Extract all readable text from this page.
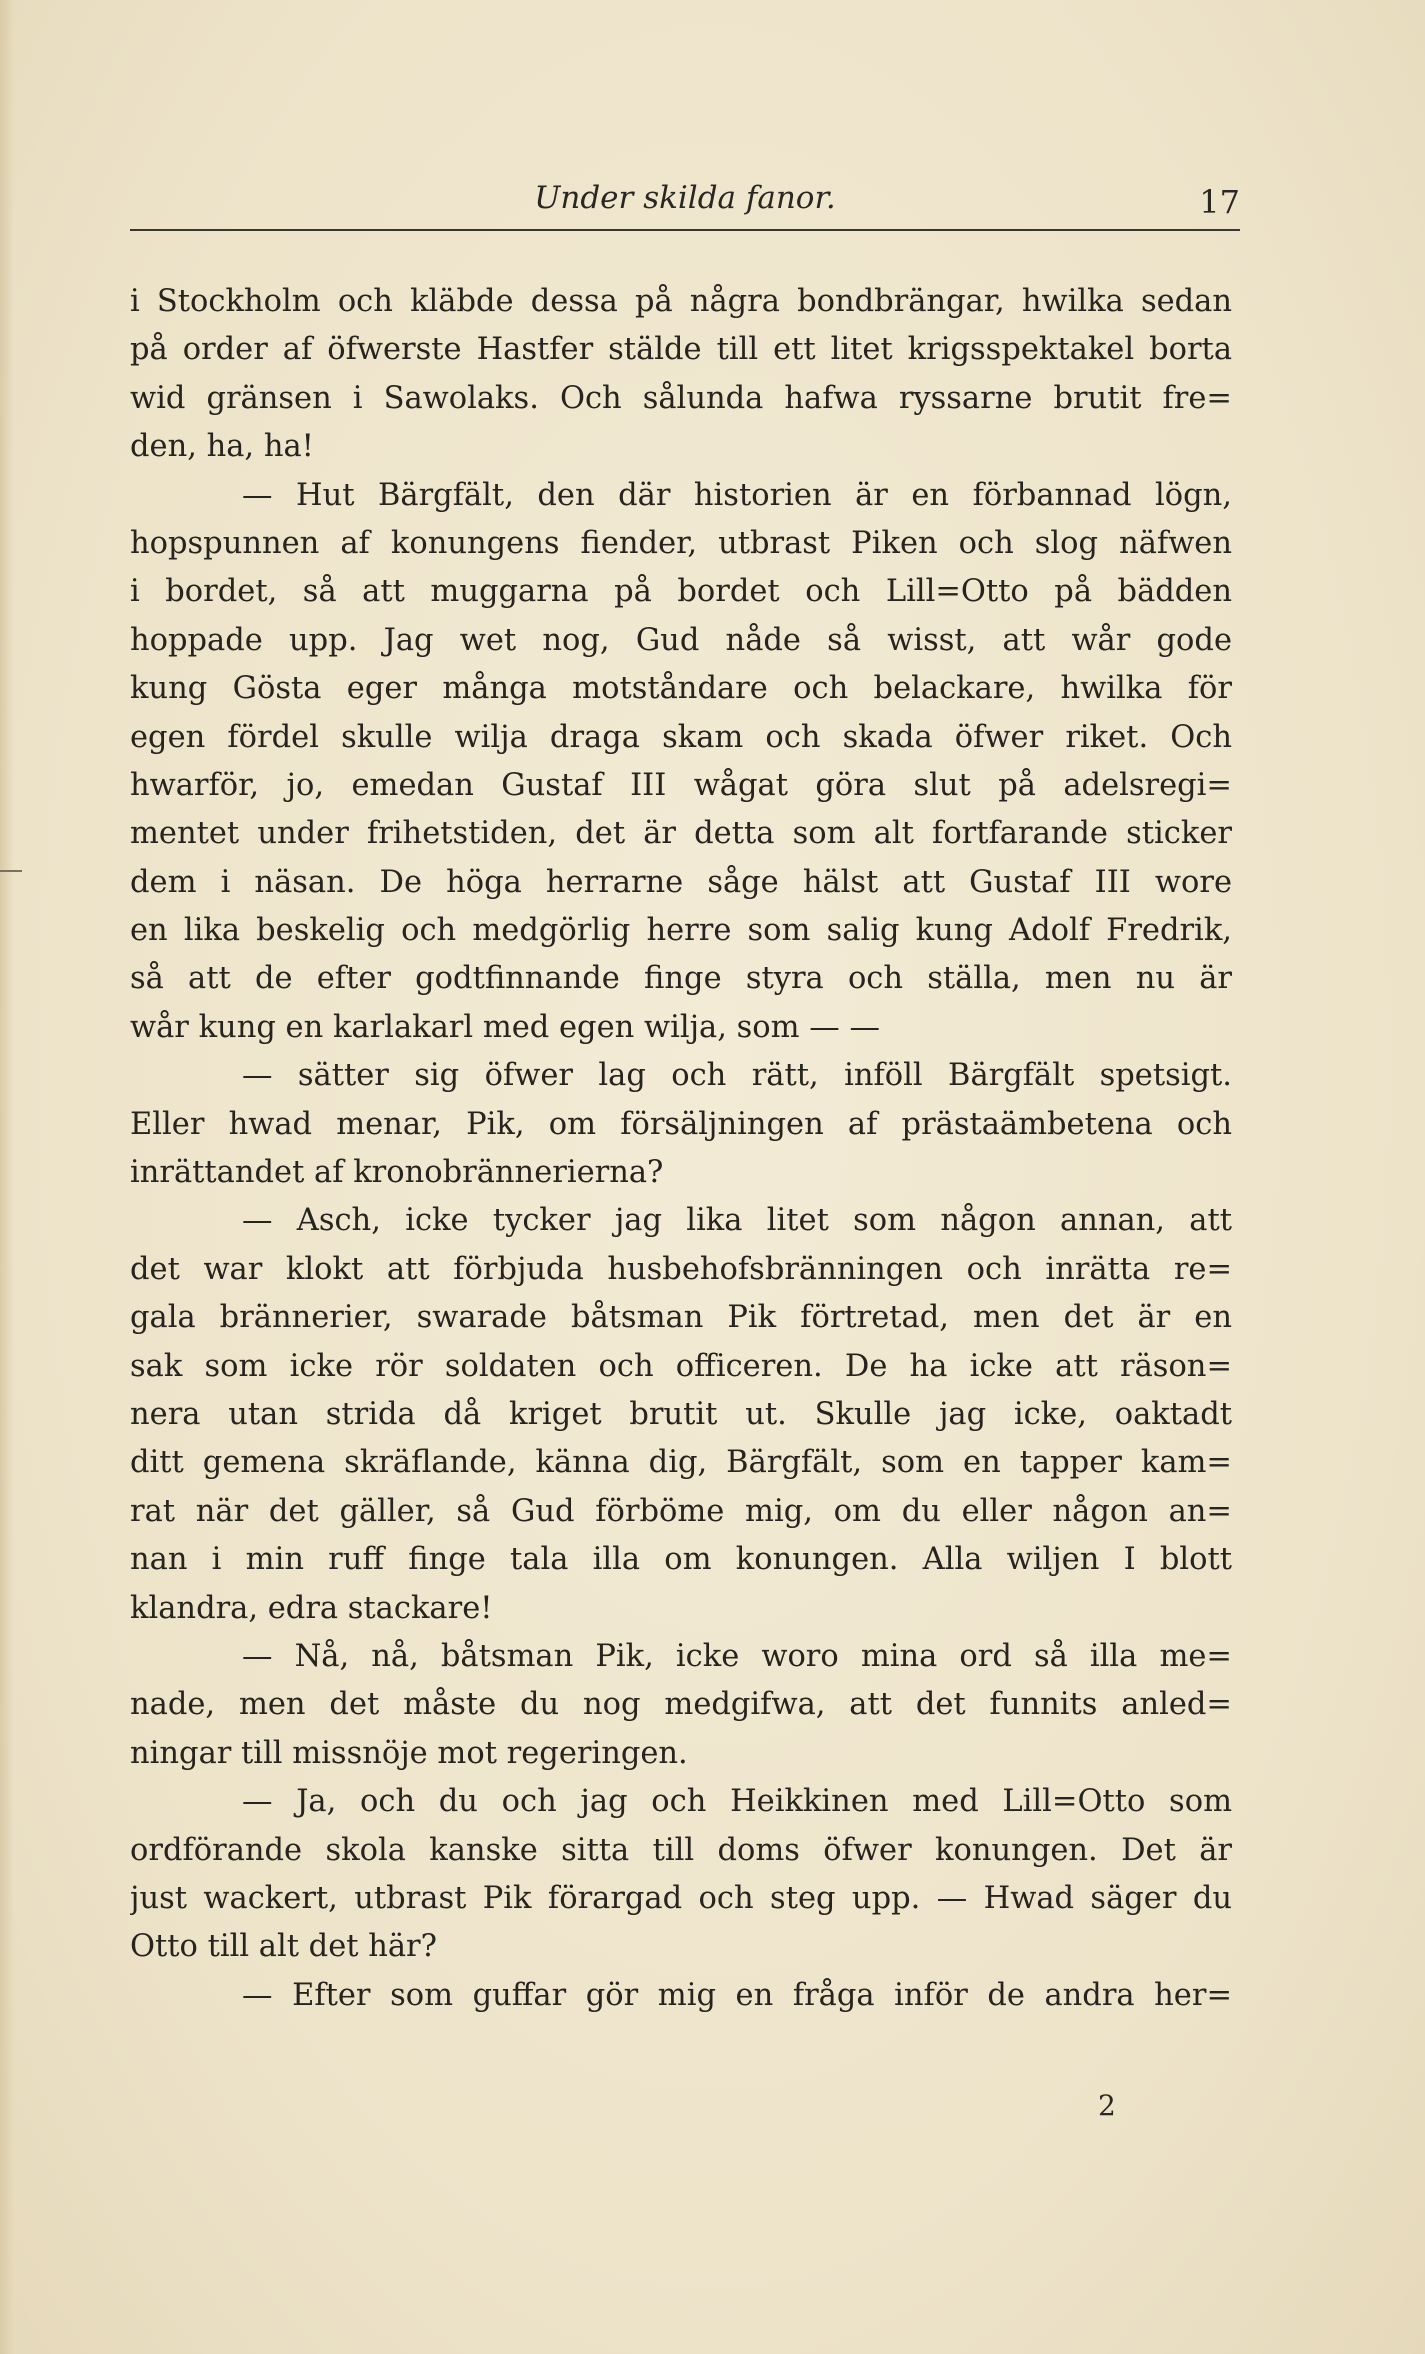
Under skilda fanor.	17
i Stockholm och kläbde dessa på några bondbrängar, hwilka sedan
på order af öfwerste Hastfer stälde till ett litet krigsspektakel borta
wid gränsen i Sawolaks. Och sålunda hafwa ryssarne brutit fre=
den, ha, ha!
— Hut Bärgfält, den där historien är en förbannad lögn,
hopspunnen af konungens fiender, utbrast Piken och slog näfwen
i bordet, så att muggarna på bordet och Lill=Otto på bädden
hoppade upp. Jag wet nog, Gud nåde så wisst, att wår gode
kung Gösta eger många motståndare och belackare, hwilka för
egen fördel skulle wilja draga skam och skada öfwer riket. Och
hwarför, jo, emedan Gustaf III wågat göra slut på adelsregi=
mentet under frihetstiden, det är detta som alt fortfarande sticker
dem i näsan. De höga herrarne såge hälst att Gustaf III wore
en lika beskelig och medgörlig herre som salig kung Adolf Fredrik,
så att de efter godtfinnande finge styra och ställa, men nu är
wår kung en karlakarl med egen wilja, som — —
— sätter sig öfwer lag och rätt, inföll Bärgfält spetsigt.
Eller hwad menar, Pik, om försäljningen af prästaämbetena och
inrättandet af kronobrännerierna?
— Asch, icke tycker jag lika litet som någon annan, att
det war klokt att förbjuda husbehofsbränningen och inrätta re=
gala brännerier, swarade båtsman Pik förtretad, men det är en
sak som icke rör soldaten och officeren. De ha icke att räson=
nera utan strida då kriget brutit ut. Skulle jag icke, oaktadt
ditt gemena skräflande, känna dig, Bärgfält, som en tapper kam=
rat när det gäller, så Gud förböme mig, om du eller någon an=
nan i min ruff finge tala illa om konungen. Alla wiljen I blott
klandra, edra stackare!
— Nå, nå, båtsman Pik, icke woro mina ord så illa me=
nade, men det måste du nog medgifwa, att det funnits anled=
ningar till missnöje mot regeringen.
— Ja, och du och jag och Heikkinen med Lill=Otto som
ordförande skola kanske sitta till doms öfwer konungen. Det är
just wackert, utbrast Pik förargad och steg upp. — Hwad säger du
Otto till alt det här?
— Efter som guffar gör mig en fråga inför de andra her=
2
